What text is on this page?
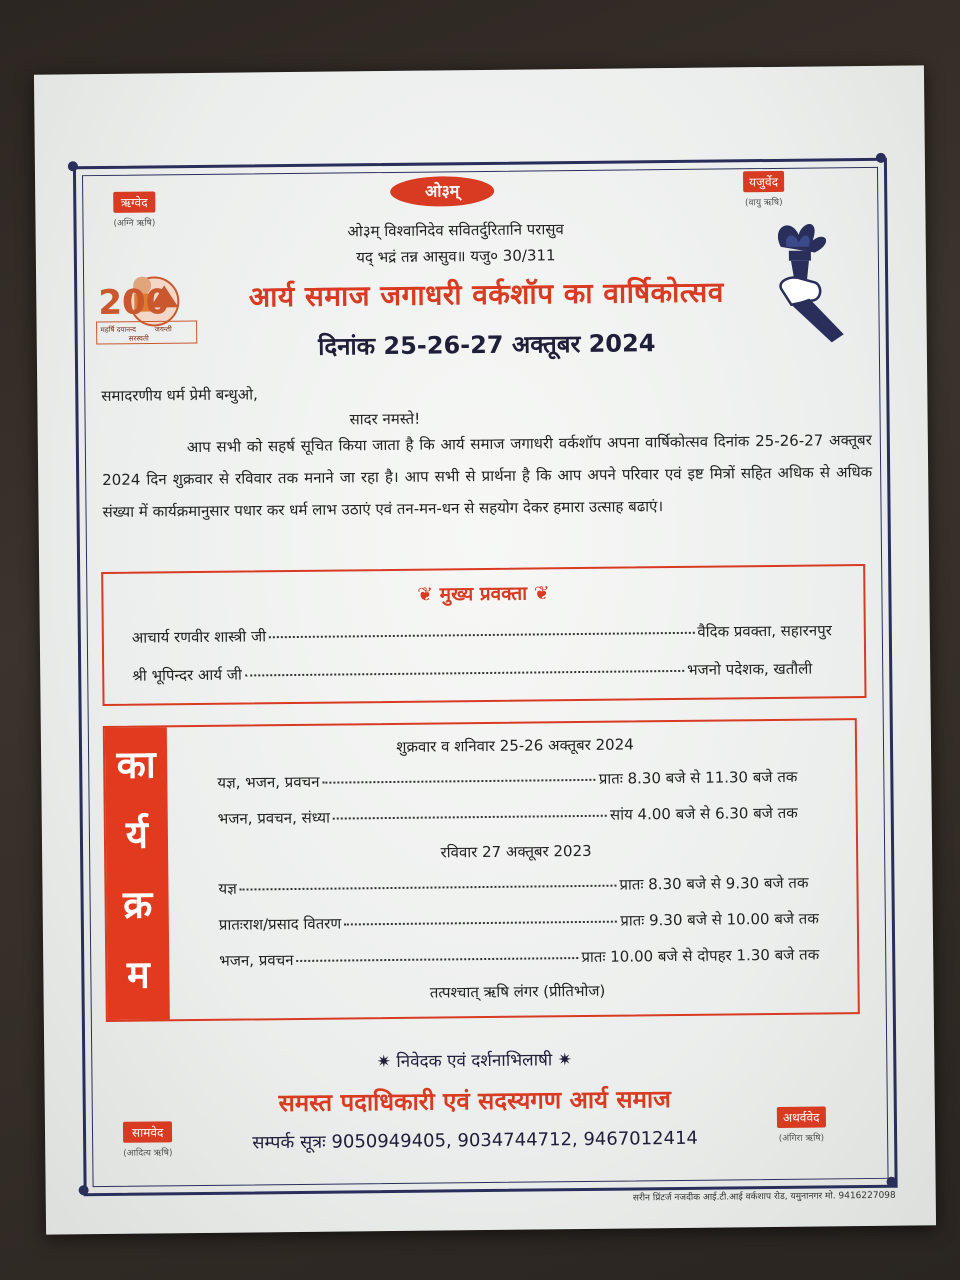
ऋग्वेद
(अग्नि ऋषि)
यजुर्वेद
(वायु ऋषि)
सामवेद
(आदित्य ऋषि)
अथर्ववेद
(अंगिरा ऋषि)
ओ३म्
ओ३म् विश्वानिदेव सवितर्दुरितानि परासुव
यद् भद्रं तन्न आसुव॥ यजु० 30/311
200
महर्षि दयानन्द	जयन्ती
सरस्वती
आर्य समाज जगाधरी वर्कशॉप का वार्षिकोत्सव
दिनांक 25-26-27 अक्तूबर 2024
समादरणीय धर्म प्रेमी बन्धुओ,
सादर नमस्ते!
आप सभी को सहर्ष सूचित किया जाता है कि आर्य समाज जगाधरी वर्कशॉप अपना वार्षिकोत्सव दिनांक 25-26-27 अक्तूबर 2024 दिन शुक्रवार से रविवार तक मनाने जा रहा है। आप सभी से प्रार्थना है कि आप अपने परिवार एवं इष्ट मित्रों सहित अधिक से अधिक संख्या में कार्यक्रमानुसार पधार कर धर्म लाभ उठाएं एवं तन-मन-धन से सहयोग देकर हमारा उत्साह बढाएं।
❦ मुख्य प्रवक्ता ❦
आचार्य रणवीर शास्त्री जी	वैदिक प्रवक्ता, सहारनपुर
श्री भूपिन्दर आर्य जी	भजनो पदेशक, खतौली
का
र्य
क्र
म
शुक्रवार व शनिवार 25-26 अक्तूबर 2024
यज्ञ, भजन, प्रवचन	प्रातः 8.30 बजे से 11.30 बजे तक
भजन, प्रवचन, संध्या	सांय 4.00 बजे से 6.30 बजे तक
रविवार 27 अक्तूबर 2023
यज्ञ	प्रातः 8.30 बजे से 9.30 बजे तक
प्रातःराश/प्रसाद वितरण	प्रातः 9.30 बजे से 10.00 बजे तक
भजन, प्रवचन	प्रातः 10.00 बजे से दोपहर 1.30 बजे तक
तत्पश्चात् ऋषि लंगर (प्रीतिभोज)
✷ निवेदक एवं दर्शनाभिलाषी ✷
समस्त पदाधिकारी एवं सदस्यगण आर्य समाज
सम्पर्क सूत्रः 9050949405, 9034744712, 9467012414
सरीन प्रिंटर्ज नजदीक आई.टी.आई वर्कशाप रोड, यमुनानगर मो. 9416227098
